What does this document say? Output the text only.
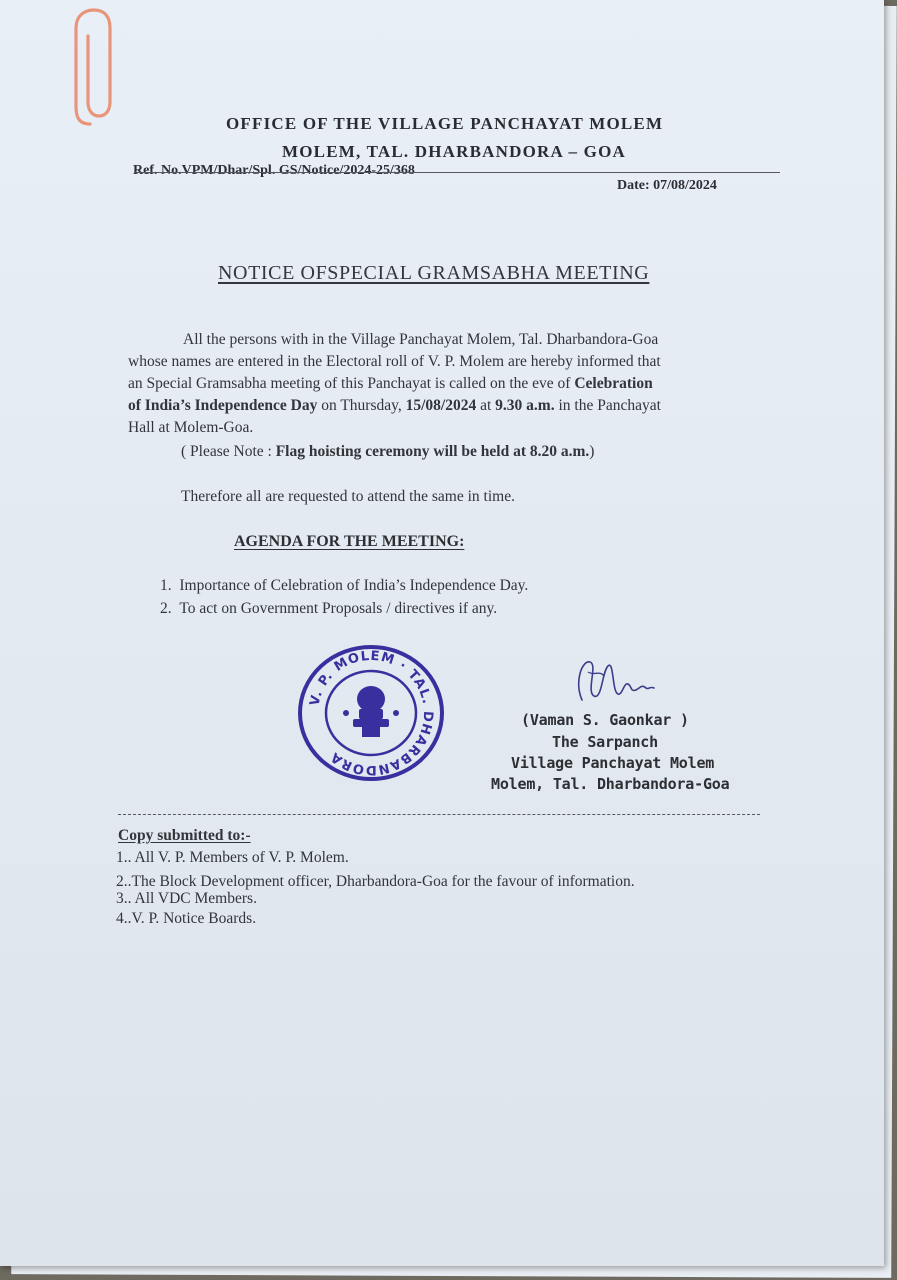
OFFICE OF THE VILLAGE PANCHAYAT MOLEM
MOLEM, TAL. DHARBANDORA – GOA
Ref. No.VPM/Dhar/Spl. GS/Notice/2024-25/368
Date: 07/08/2024
NOTICE OFSPECIAL GRAMSABHA MEETING
All the persons with in the Village Panchayat Molem, Tal. Dharbandora-Goa
whose names are entered in the Electoral roll of V. P. Molem are hereby informed that
an Special Gramsabha meeting of this Panchayat is called on the eve of Celebration
of India’s Independence Day on Thursday, 15/08/2024 at 9.30 a.m. in the Panchayat
Hall at Molem-Goa.
( Please Note : Flag hoisting ceremony will be held at 8.20 a.m.)
Therefore all are requested to attend the same in time.
AGENDA FOR THE MEETING:
1. Importance of Celebration of India’s Independence Day.
2. To act on Government Proposals / directives if any.
V. P. MOLEM · TAL. DHARBANDORA
(Vaman S. Gaonkar )
The Sarpanch
Village Panchayat Molem
Molem, Tal. Dharbandora-Goa
Copy submitted to:-
1.. All V. P. Members of V. P. Molem.
2..The Block Development officer, Dharbandora-Goa for the favour of information.
3.. All VDC Members.
4..V. P. Notice Boards.
